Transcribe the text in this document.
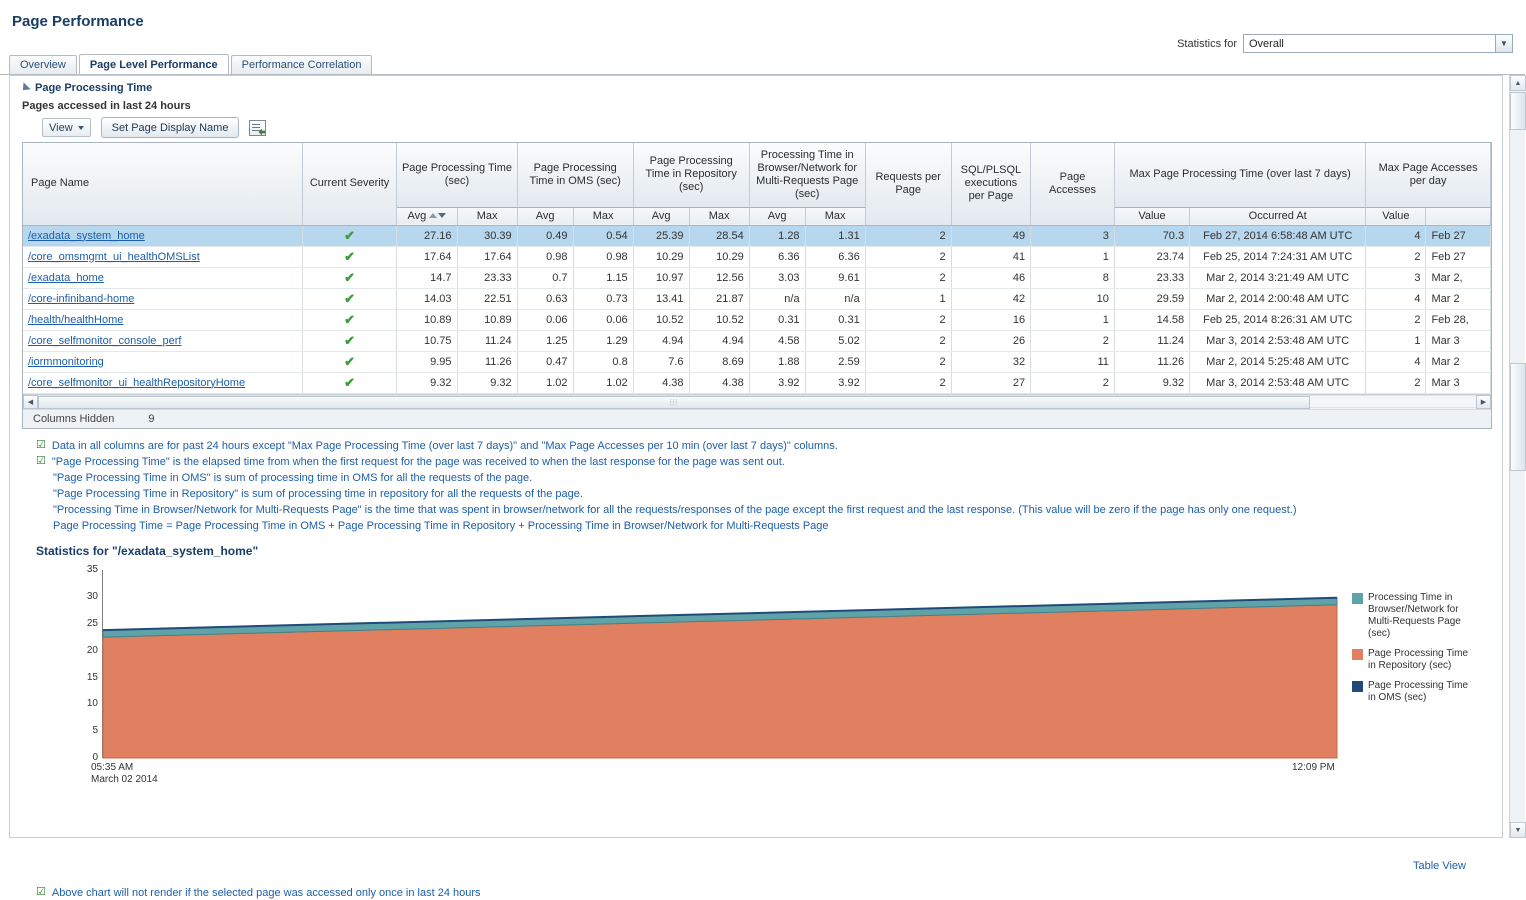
Page Performance
Statistics for Overall	▼
Overview	Page Level Performance	Performance Correlation
Page Processing Time
Pages accessed in last 24 hours
View	Set Page Display Name
Page Name	Current Severity	Page Processing Time (sec)		Page Processing Time in OMS (sec)		Page Processing Time in Repository (sec)		Processing Time in Browser/Network for Multi-Requests Page (sec)		Requests per Page	SQL/PLSQL executions per Page	Page Accesses	Max Page Processing Time (over last 7 days)		Max Page Accesses per day	
		Avg	Max	Avg	Max	Avg	Max	Avg	Max				Value	Occurred At	Value	
/exadata_system_home	✔	27.16	30.39	0.49	0.54	25.39	28.54	1.28	1.31	2	49	3	70.3	Feb 27, 2014 6:58:48 AM UTC	4	Feb 27
/core_omsmgmt_ui_healthOMSList	✔	17.64	17.64	0.98	0.98	10.29	10.29	6.36	6.36	2	41	1	23.74	Feb 25, 2014 7:24:31 AM UTC	2	Feb 27
/exadata_home	✔	14.7	23.33	0.7	1.15	10.97	12.56	3.03	9.61	2	46	8	23.33	Mar 2, 2014 3:21:49 AM UTC	3	Mar 2,
/core-infiniband-home	✔	14.03	22.51	0.63	0.73	13.41	21.87	n/a	n/a	1	42	10	29.59	Mar 2, 2014 2:00:48 AM UTC	4	Mar 2
/health/healthHome	✔	10.89	10.89	0.06	0.06	10.52	10.52	0.31	0.31	2	16	1	14.58	Feb 25, 2014 8:26:31 AM UTC	2	Feb 28,
/core_selfmonitor_console_perf	✔	10.75	11.24	1.25	1.29	4.94	4.94	4.58	5.02	2	26	2	11.24	Mar 3, 2014 2:53:48 AM UTC	1	Mar 3
/iormmonitoring	✔	9.95	11.26	0.47	0.8	7.6	8.69	1.88	2.59	2	32	11	11.26	Mar 2, 2014 5:25:48 AM UTC	4	Mar 2
/core_selfmonitor_ui_healthRepositoryHome	✔	9.32	9.32	1.02	1.02	4.38	4.38	3.92	3.92	2	27	2	9.32	Mar 3, 2014 2:53:48 AM UTC	2	Mar 3
◀	⦙⦙⦙	▶
Columns Hidden	9
☑ Data in all columns are for past 24 hours except "Max Page Processing Time (over last 7 days)" and "Max Page Accesses per 10 min (over last 7 days)" columns.
☑ "Page Processing Time" is the elapsed time from when the first request for the page was received to when the last response for the page was sent out.
"Page Processing Time in OMS" is sum of processing time in OMS for all the requests of the page.
"Page Processing Time in Repository" is sum of processing time in repository for all the requests of the page.
"Processing Time in Browser/Network for Multi-Requests Page" is the time that was spent in browser/network for all the requests/responses of the page except the first request and the last response. (This value will be zero if the page has only one request.)
Page Processing Time = Page Processing Time in OMS + Page Processing Time in Repository + Processing Time in Browser/Network for Multi-Requests Page
Statistics for "/exadata_system_home"
35
30
25
20
15
10
5
0
Processing Time in Browser/Network for Multi-Requests Page (sec)
Page Processing Time in Repository (sec)
Page Processing Time in OMS (sec)
05:35 AM
March 02 2014
12:09 PM
Table View
☑ Above chart will not render if the selected page was accessed only once in last 24 hours
▲
▼
